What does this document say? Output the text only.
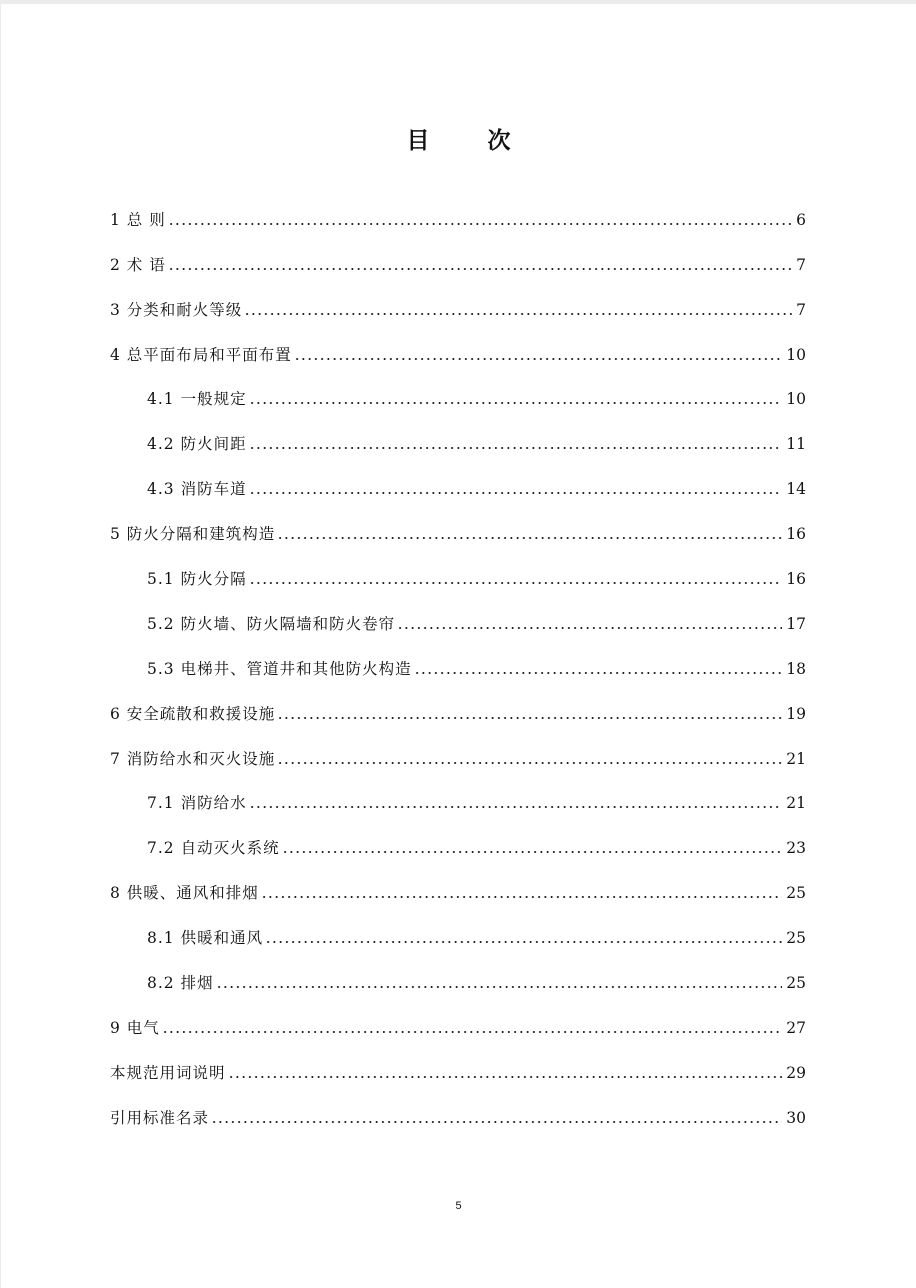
目	次
1 总 则	6
2 术 语	7
3 分类和耐火等级	7
4 总平面布局和平面布置	10
4.1 一般规定	10
4.2 防火间距	11
4.3 消防车道	14
5 防火分隔和建筑构造	16
5.1 防火分隔	16
5.2 防火墙、防火隔墙和防火卷帘	17
5.3 电梯井、管道井和其他防火构造	18
6 安全疏散和救援设施	19
7 消防给水和灭火设施	21
7.1 消防给水	21
7.2 自动灭火系统	23
8 供暖、通风和排烟	25
8.1 供暖和通风	25
8.2 排烟	25
9 电气	27
本规范用词说明	29
引用标准名录	30
5
